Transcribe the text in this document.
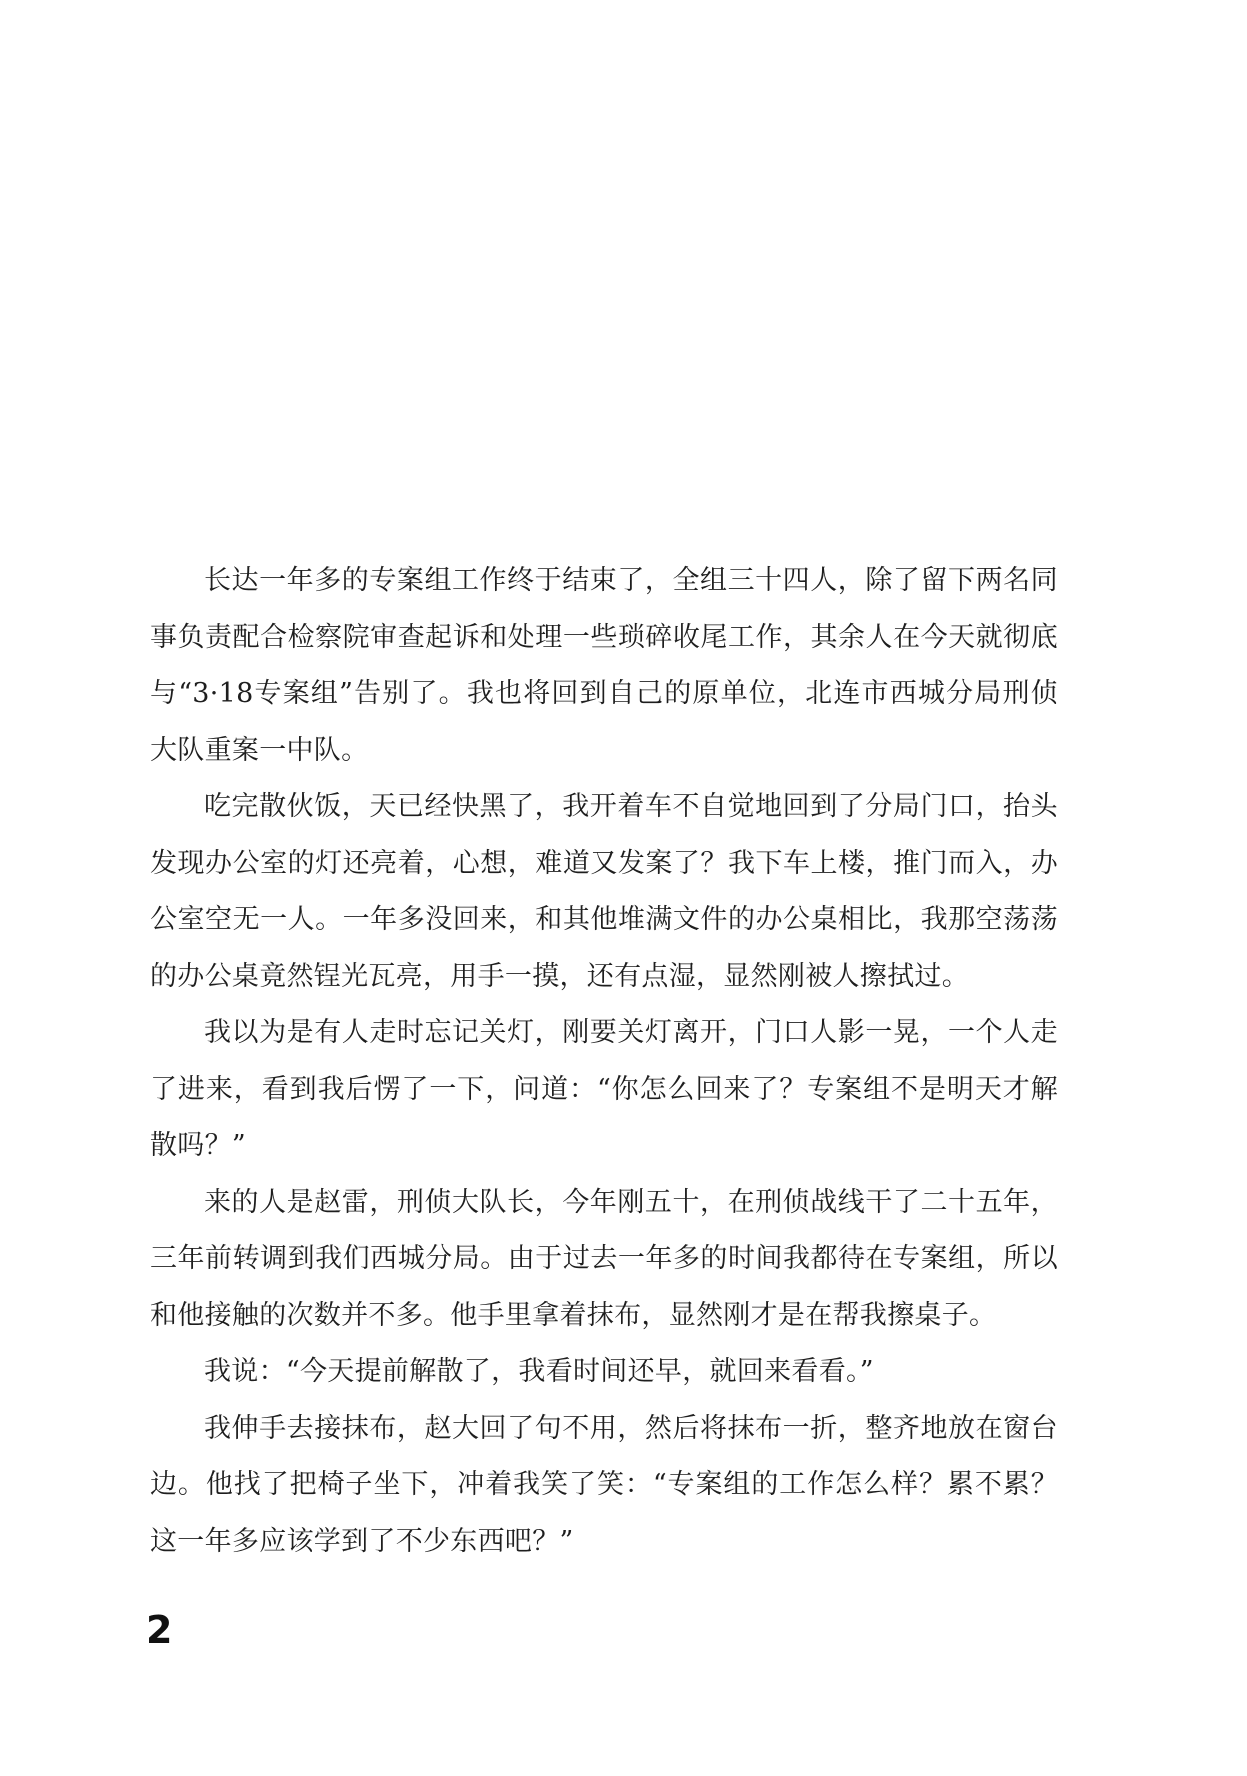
长达一年多的专案组工作终于结束了，全组三十四人，除了留下两名同事负责配合检察院审查起诉和处理一些琐碎收尾工作，其余人在今天就彻底与“3·18专案组”告别了。我也将回到自己的原单位，北连市西城分局刑侦大队重案一中队。

吃完散伙饭，天已经快黑了，我开着车不自觉地回到了分局门口，抬头发现办公室的灯还亮着，心想，难道又发案了？我下车上楼，推门而入，办公室空无一人。一年多没回来，和其他堆满文件的办公桌相比，我那空荡荡的办公桌竟然锃光瓦亮，用手一摸，还有点湿，显然刚被人擦拭过。

我以为是有人走时忘记关灯，刚要关灯离开，门口人影一晃，一个人走了进来，看到我后愣了一下，问道：“你怎么回来了？专案组不是明天才解散吗？”

来的人是赵雷，刑侦大队长，今年刚五十，在刑侦战线干了二十五年，三年前转调到我们西城分局。由于过去一年多的时间我都待在专案组，所以和他接触的次数并不多。他手里拿着抹布，显然刚才是在帮我擦桌子。

我说：“今天提前解散了，我看时间还早，就回来看看。”

我伸手去接抹布，赵大回了句不用，然后将抹布一折，整齐地放在窗台边。他找了把椅子坐下，冲着我笑了笑：“专案组的工作怎么样？累不累？这一年多应该学到了不少东西吧？”

2
